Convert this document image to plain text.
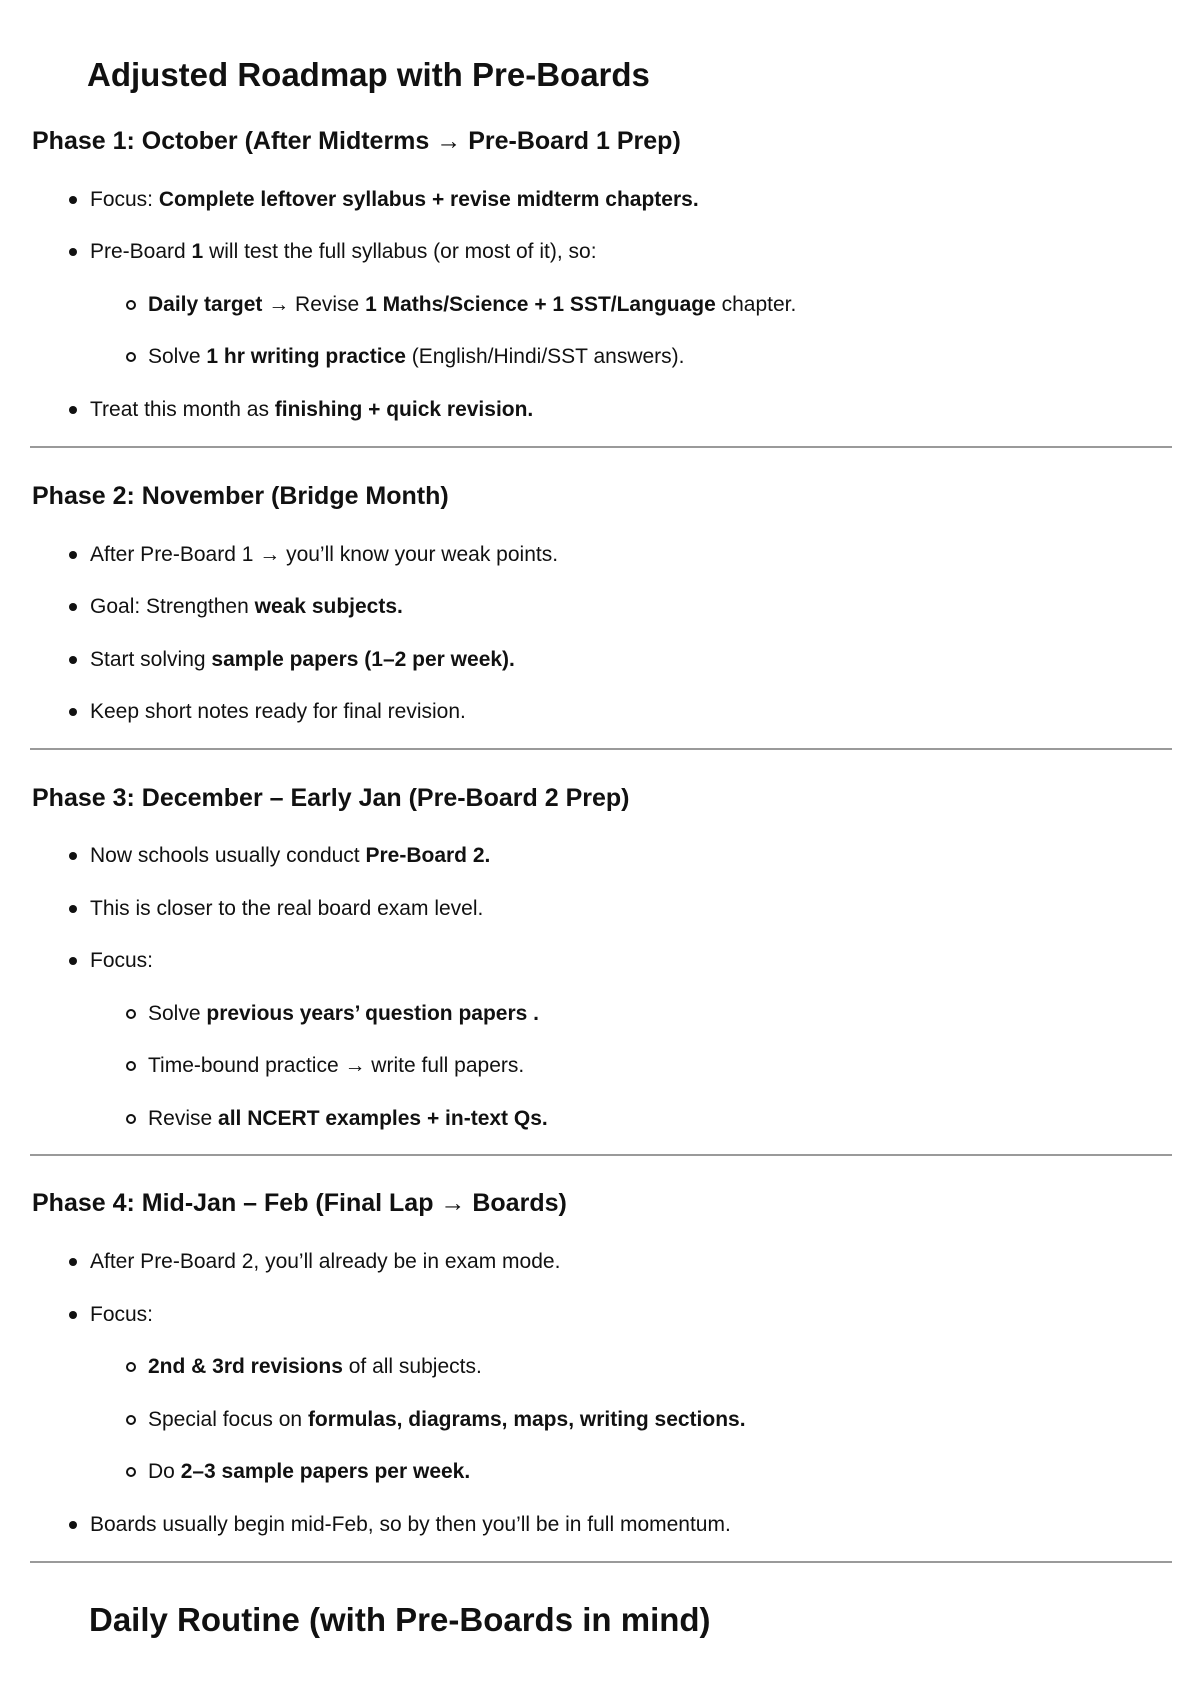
Adjusted Roadmap with Pre-Boards
Phase 1: October (After Midterms → Pre-Board 1 Prep)
Focus: Complete leftover syllabus + revise midterm chapters.
Pre-Board 1 will test the full syllabus (or most of it), so:
Daily target → Revise 1 Maths/Science + 1 SST/Language chapter.
Solve 1 hr writing practice (English/Hindi/SST answers).
Treat this month as finishing + quick revision.
Phase 2: November (Bridge Month)
After Pre-Board 1 → you’ll know your weak points.
Goal: Strengthen weak subjects.
Start solving sample papers (1–2 per week).
Keep short notes ready for final revision.
Phase 3: December – Early Jan (Pre-Board 2 Prep)
Now schools usually conduct Pre-Board 2.
This is closer to the real board exam level.
Focus:
Solve previous years’ question papers .
Time-bound practice → write full papers.
Revise all NCERT examples + in-text Qs.
Phase 4: Mid-Jan – Feb (Final Lap → Boards)
After Pre-Board 2, you’ll already be in exam mode.
Focus:
2nd & 3rd revisions of all subjects.
Special focus on formulas, diagrams, maps, writing sections.
Do 2–3 sample papers per week.
Boards usually begin mid-Feb, so by then you’ll be in full momentum.
Daily Routine (with Pre-Boards in mind)
